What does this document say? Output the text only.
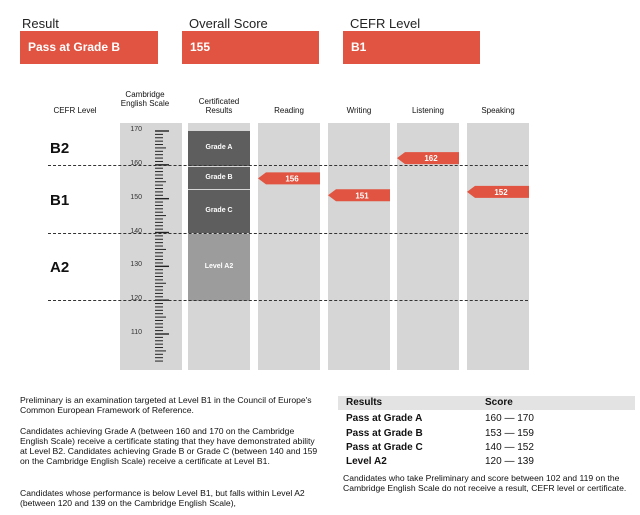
Result	Overall Score	CEFR Level
Pass at Grade B	155	B1
CEFR Level
Cambridge English Scale	Certificated Results	Reading	Writing	Listening	Speaking
Grade A
Grade B
Grade C
Level A2
170
160
150
140
130
120
110
B2
B1
A2
156
151
162
152
Preliminary is an examination targeted at Level B1 in the Council of Europe's Common European Framework of Reference.
Candidates achieving Grade A (between 160 and 170 on the Cambridge English Scale) receive a certificate stating that they have demonstrated ability at Level B2. Candidates achieving Grade B or Grade C (between 140 and 159 on the Cambridge English Scale) receive a certificate at Level B1.
Candidates whose performance is below Level B1, but falls within Level A2 (between 120 and 139 on the Cambridge English Scale),
Results	Score
Pass at Grade A	160 — 170
Pass at Grade B	153 — 159
Pass at Grade C	140 — 152
Level A2	120 — 139
Candidates who take Preliminary and score between 102 and 119 on the Cambridge English Scale do not receive a result, CEFR level or certificate.
